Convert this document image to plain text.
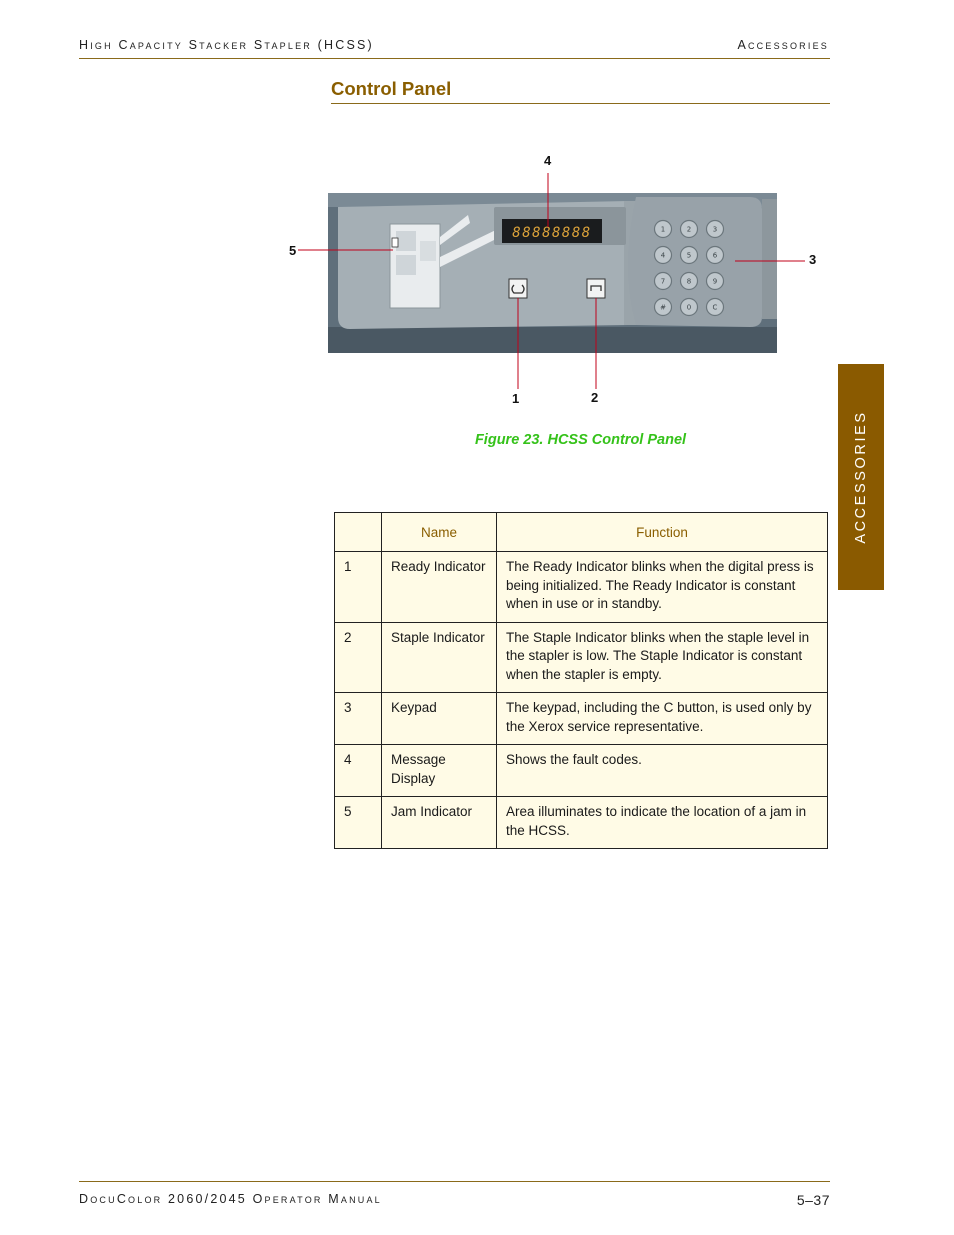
High Capacity Stacker Stapler (HCSS)	Accessories
Control Panel
88888888	1	2	3
4	5	6
7	8	9
#	0	C
4
5
3
1	2
Figure 23. HCSS Control Panel
	Name	Function
1	Ready Indicator	The Ready Indicator blinks when the digital press is being initialized. The Ready Indicator is constant when in use or in standby.
2	Staple Indicator	The Staple Indicator blinks when the staple level in the stapler is low. The Staple Indicator is constant when the stapler is empty.
3	Keypad	The keypad, including the C button, is used only by the Xerox service representative.
4	Message Display	Shows the fault codes.
5	Jam Indicator	Area illuminates to indicate the location of a jam in the HCSS.
ACCESSORIES
DocuColor 2060/2045 Operator Manual	5–37
